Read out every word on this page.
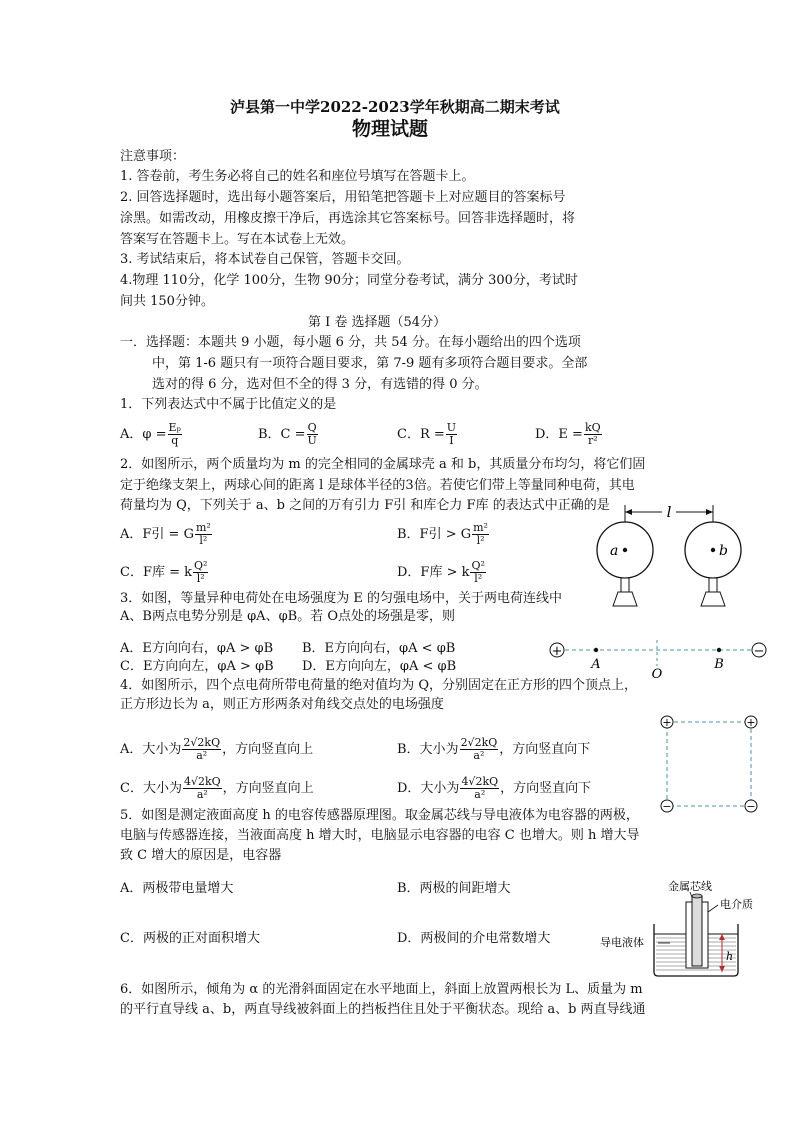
泸县第一中学2022-2023学年秋期高二期末考试
物理试题
注意事项：
1. 答卷前，考生务必将自己的姓名和座位号填写在答题卡上。
2. 回答选择题时，选出每小题答案后，用铅笔把答题卡上对应题目的答案标号
涂黑。如需改动，用橡皮擦干净后，再选涂其它答案标号。回答非选择题时，将
答案写在答题卡上。写在本试卷上无效。
3. 考试结束后，将本试卷自己保管，答题卡交回。
4.物理 110分，化学 100分，生物 90分；同堂分卷考试，满分 300分，考试时
间共 150分钟。
第 I 卷 选择题（54分）
一．选择题：本题共 9 小题，每小题 6 分，共 54 分。在每小题给出的四个选项
中，第 1-6 题只有一项符合题目要求，第 7-9 题有多项符合题目要求。全部
选对的得 6 分，选对但不全的得 3 分，有选错的得 0 分。
1．下列表达式中不属于比值定义的是
A．$\varphi = \frac{\text{Eₚ}}{q}$	B．$C = \frac{Q}{U}$	C．$R = \frac{U}{I}$	D．$E = \frac{kQ}{\text{r²}}$
2．如图所示，两个质量均为 m 的完全相同的金属球壳 a 和 b，其质量分布均匀，将它们固
定于绝缘支架上，两球心间的距离 l 是球体半径的3倍。若使它们带上等量同种电荷，其电
荷量均为 Q，下列关于 a、b 之间的万有引力 F引 和库仑力 F库 的表达式中正确的是
A．F引 = G $\frac{\text{m²}}{\text{l²}}$	B．F引 > G $\frac{\text{m²}}{\text{l²}}$
C．F库 = k $\frac{\text{Q²}}{\text{l²}}$	D．F库 > k $\frac{\text{Q²}}{\text{l²}}$
l
a	b
3．如图，等量异种电荷处在电场强度为 E 的匀强电场中，关于两电荷连线中
A、B两点电势分别是 φA、φB。若 O点处的场强是零，则
A．E方向向右，φA > φB B．E方向向右，φA < φB
C．E方向向左，φA > φB D．E方向向左，φA < φB
+	−
A
O
B
4．如图所示，四个点电荷所带电荷量的绝对值均为 Q，分别固定在正方形的四个顶点上，
正方形边长为 a，则正方形两条对角线交点处的电场强度
A．大小为 $\frac{2√2kQ}{\text{a²}}$ ，方向竖直向上	B．大小为 $\frac{2√2kQ}{\text{a²}}$ ，方向竖直向下
C．大小为 $\frac{4√2kQ}{\text{a²}}$ ，方向竖直向上	D．大小为 $\frac{4√2kQ}{\text{a²}}$ ，方向竖直向下
+	+
−	−
5．如图是测定液面高度 h 的电容传感器原理图。取金属芯线与导电液体为电容器的两极，
电脑与传感器连接，当液面高度 h 增大时，电脑显示电容器的电容 C 也增大。则 h 增大导
致 C 增大的原因是，电容器
A．两极带电量增大	B．两极的间距增大
C．两极的正对面积增大	D．两极间的介电常数增大
金属芯线
电介质
导电液体
h
6．如图所示，倾角为 α 的光滑斜面固定在水平地面上，斜面上放置两根长为 L、质量为 m
的平行直导线 a、b，两直导线被斜面上的挡板挡住且处于平衡状态。现给 a、b 两直导线通
